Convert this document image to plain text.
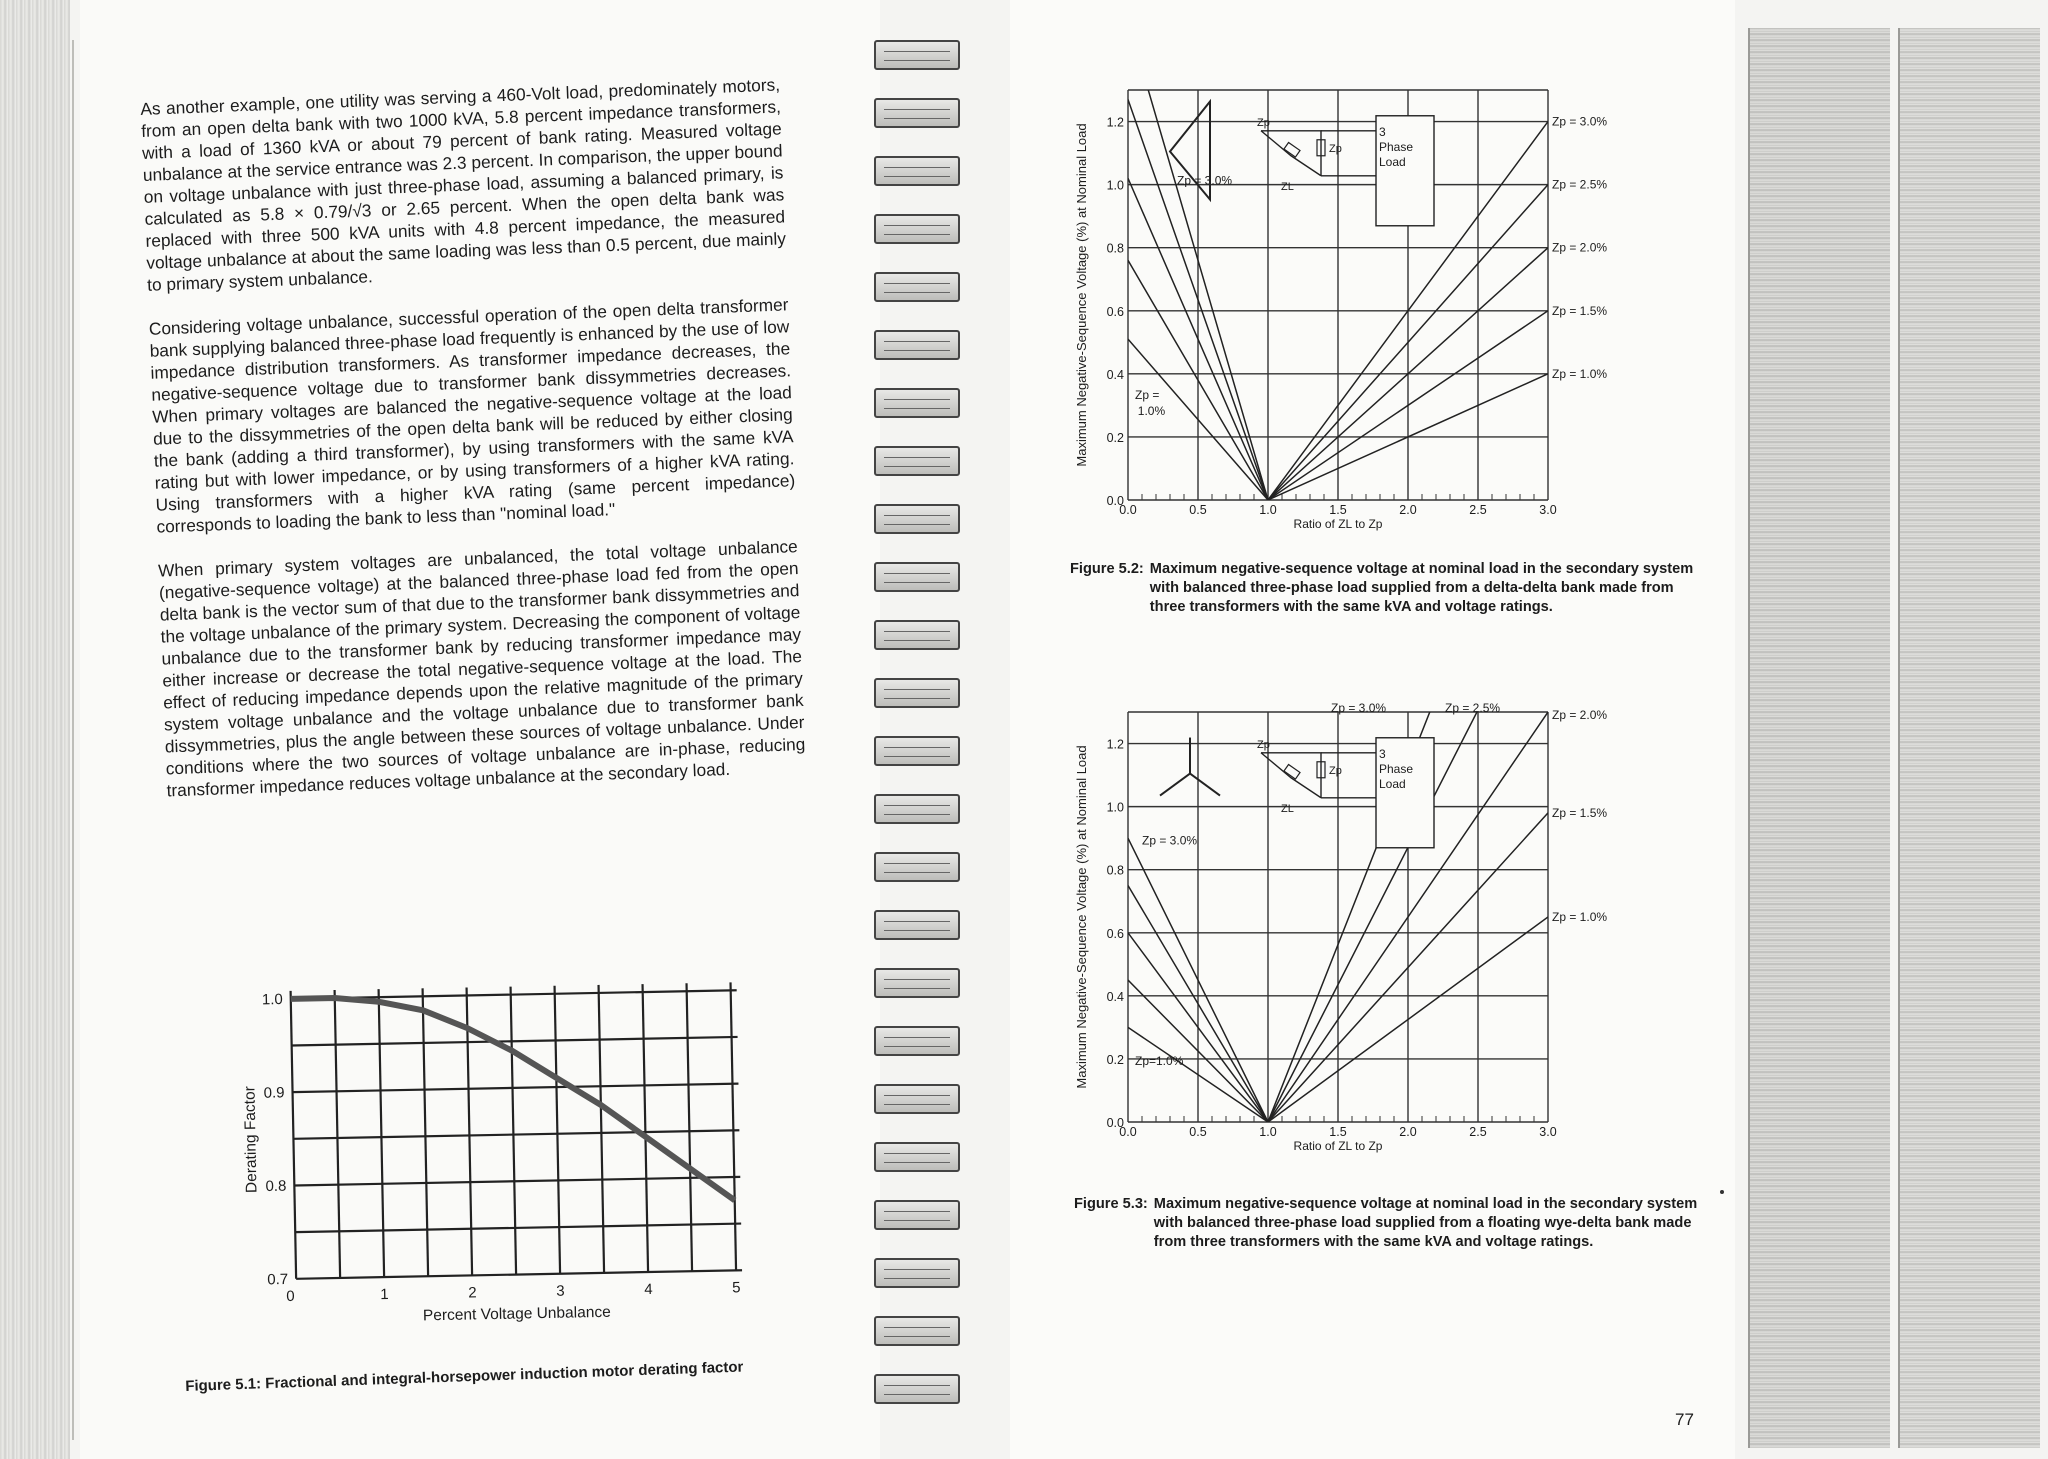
As another example, one utility was serving a 460-Volt load, predominately motors, from an open delta bank with two 1000 kVA, 5.8 percent impedance transformers, with a load of 1360 kVA or about 79 percent of bank rating. Measured voltage unbalance at the service entrance was 2.3 percent. In comparison, the upper bound on voltage unbalance with just three-phase load, assuming a balanced primary, is calculated as 5.8 × 0.79/√3 or 2.65 percent. When the open delta bank was replaced with three 500 kVA units with 4.8 percent impedance, the measured voltage unbalance at about the same loading was less than 0.5 percent, due mainly to primary system unbalance.

Considering voltage unbalance, successful operation of the open delta transformer bank supplying balanced three-phase load frequently is enhanced by the use of low impedance distribution transformers. As transformer impedance decreases, the negative-sequence voltage due to transformer bank dissymmetries decreases. When primary voltages are balanced the negative-sequence voltage at the load due to the dissymmetries of the open delta bank will be reduced by either closing the bank (adding a third transformer), by using transformers with the same kVA rating but with lower impedance, or by using transformers of a higher kVA rating. Using transformers with a higher kVA rating (same percent impedance) corresponds to loading the bank to less than "nominal load."

When primary system voltages are unbalanced, the total voltage unbalance (negative-sequence voltage) at the balanced three-phase load fed from the open delta bank is the vector sum of that due to the transformer bank dissymmetries and the voltage unbalance of the primary system. Decreasing the component of voltage unbalance due to the transformer bank by reducing transformer impedance may either increase or decrease the total negative-sequence voltage at the load. The effect of reducing impedance depends upon the relative magnitude of the primary system voltage unbalance and the voltage unbalance due to transformer bank dissymmetries, plus the angle between these sources of voltage unbalance. Under conditions where the two sources of voltage unbalance are in-phase, reducing transformer impedance reduces voltage unbalance at the secondary load.

0	1	2	3	4	5
0.7
0.8
0.9
1.0
Percent Voltage Unbalance
Derating Factor
Figure 5.1: Fractional and integral-horsepower induction motor derating factor
0.0	0.5	1.0	1.5	2.0	2.5	3.0
0.0
0.2
0.4
0.6
0.8
1.0
1.2
Ratio of ZL to Zp
Maximum Negative-Sequence Voltage (%) at Nominal Load
Zp = 3.0%
Zp = 2.5%
Zp = 2.0%
Zp = 1.5%
Zp = 1.0%
Zp = 3.0%
Zp =
1.0%
3
Phase
Load
Zp
Zp
ZL
Figure 5.2: Maximum negative-sequence voltage at nominal load in the secondary system with balanced three-phase load supplied from a delta-delta bank made from three transformers with the same kVA and voltage ratings.
0.0	0.5	1.0	1.5	2.0	2.5	3.0
0.0
0.2
0.4
0.6
0.8
1.0
1.2
Ratio of ZL to Zp
Maximum Negative-Sequence Voltage (%) at Nominal Load
Zp = 3.0%	Zp = 2.5%
Zp = 2.0%
Zp = 1.5%
Zp = 1.0%
Zp = 3.0%
Zp=1.0%
3
Phase
Load
Zp
Zp
ZL
Figure 5.3: Maximum negative-sequence voltage at nominal load in the secondary system with balanced three-phase load supplied from a floating wye-delta bank made from three transformers with the same kVA and voltage ratings.
77
